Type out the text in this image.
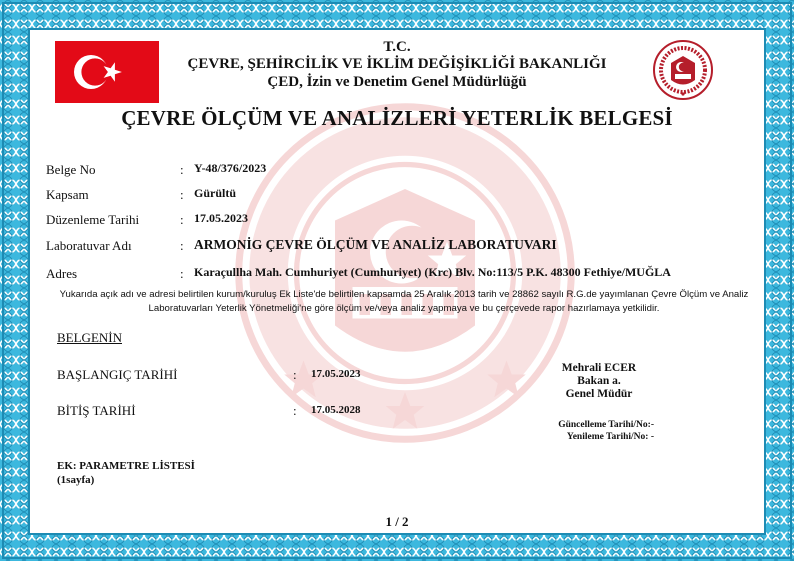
T.C.
ÇEVRE, ŞEHİRCİLİK VE İKLİM DEĞİŞİKLİĞİ BAKANLIĞI
ÇED, İzin ve Denetim Genel Müdürlüğü
ÇEVRE ÖLÇÜM VE ANALİZLERİ YETERLİK BELGESİ
Belge No	: Y-48/376/2023
Kapsam	: Gürültü
Düzenleme Tarihi	: 17.05.2023
Laboratuvar Adı	: ARMONİG ÇEVRE ÖLÇÜM VE ANALİZ LABORATUVARI
Adres	: Karaçullha Mah. Cumhuriyet (Cumhuriyet) (Krc) Blv. No:113/5 P.K. 48300 Fethiye/MUĞLA
Yukarıda açık adı ve adresi belirtilen kurum/kuruluş Ek Liste'de belirtilen kapsamda 25 Aralık 2013 tarih ve 28862 sayılı R.G.de yayımlanan Çevre Ölçüm ve Analiz Laboratuvarları Yeterlik Yönetmeliği'ne göre ölçüm ve/veya analiz yapmaya ve bu çerçevede rapor hazırlamaya yetkilidir.
BELGENİN
BAŞLANGIÇ TARİHİ	: 17.05.2023
BİTİŞ TARİHİ	: 17.05.2028
Mehrali ECER
Bakan a.
Genel Müdür
Güncelleme Tarihi/No:-
Yenileme Tarihi/No: -
EK: PARAMETRE LİSTESİ
(1sayfa)
1 / 2
